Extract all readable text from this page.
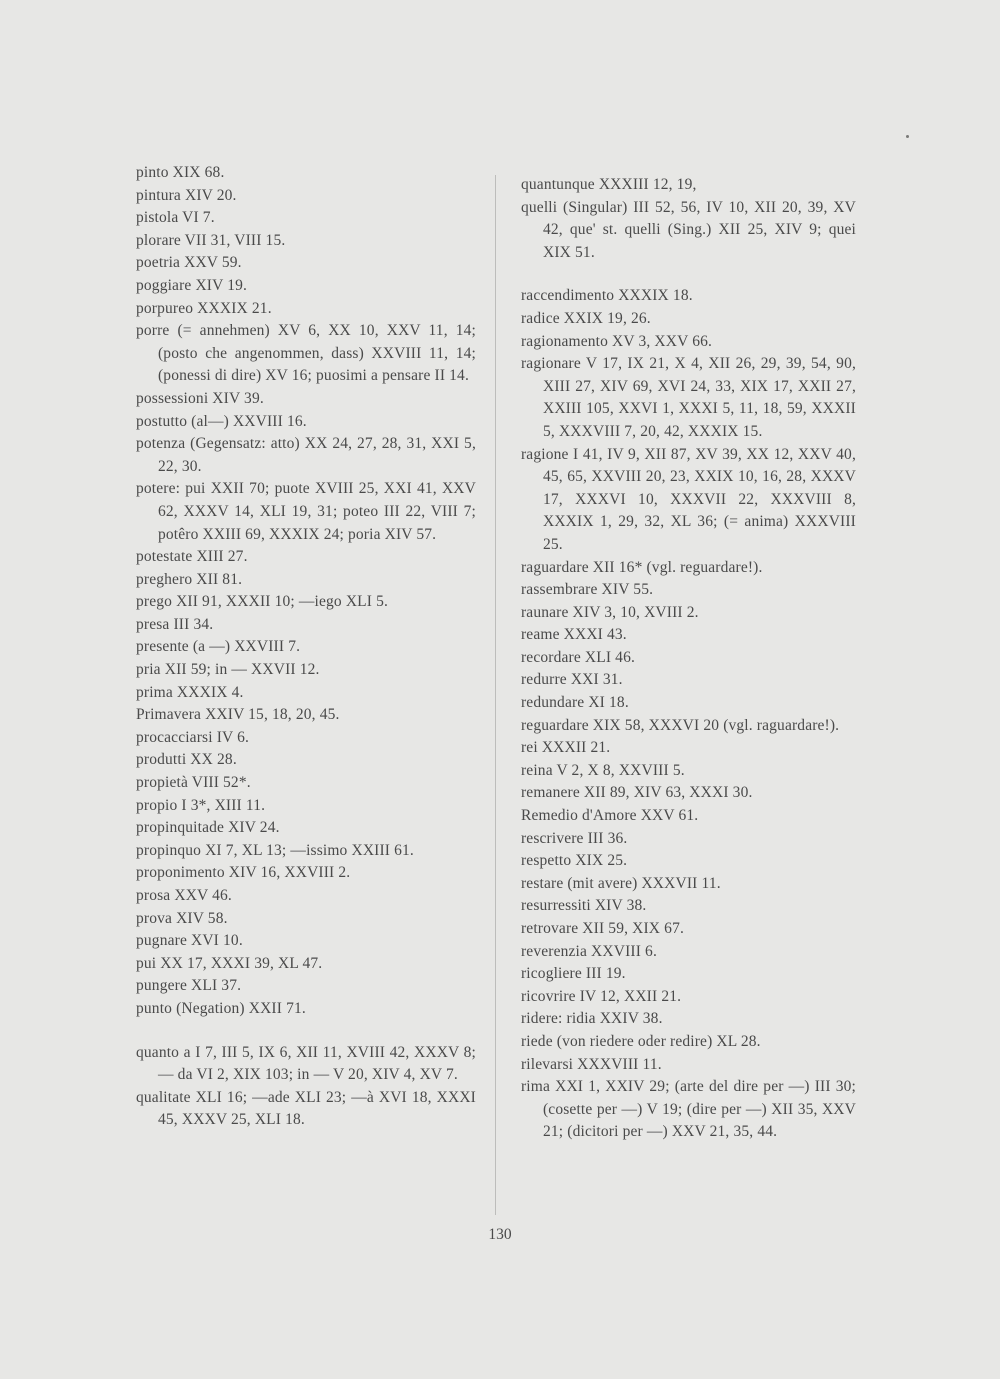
pinto XIX 68.
pintura XIV 20.
pistola VI 7.
plorare VII 31, VIII 15.
poetria XXV 59.
poggiare XIV 19.
porpureo XXXIX 21.
porre (= annehmen) XV 6, XX 10, XXV 11, 14; (posto che angenommen, dass) XXVIII 11, 14; (ponessi di dire) XV 16; puosimi a pensare II 14.
possessioni XIV 39.
postutto (al—) XXVIII 16.
potenza (Gegensatz: atto) XX 24, 27, 28, 31, XXI 5, 22, 30.
potere: pui XXII 70; puote XVIII 25, XXI 41, XXV 62, XXXV 14, XLI 19, 31; poteo III 22, VIII 7; potêro XXIII 69, XXXIX 24; poria XIV 57.
potestate XIII 27.
preghero XII 81.
prego XII 91, XXXII 10; —iego XLI 5.
presa III 34.
presente (a —) XXVIII 7.
pria XII 59; in — XXVII 12.
prima XXXIX 4.
Primavera XXIV 15, 18, 20, 45.
procacciarsi IV 6.
produtti XX 28.
propietà VIII 52*.
propio I 3*, XIII 11.
propinquitade XIV 24.
propinquo XI 7, XL 13; —issimo XXIII 61.
proponimento XIV 16, XXVIII 2.
prosa XXV 46.
prova XIV 58.
pugnare XVI 10.
pui XX 17, XXXI 39, XL 47.
pungere XLI 37.
punto (Negation) XXII 71.
quanto a I 7, III 5, IX 6, XII 11, XVIII 42, XXXV 8; — da VI 2, XIX 103; in — V 20, XIV 4, XV 7.
qualitate XLI 16; —ade XLI 23; —à XVI 18, XXXI 45, XXXV 25, XLI 18.
quantunque XXXIII 12, 19,
quelli (Singular) III 52, 56, IV 10, XII 20, 39, XV 42, que' st. quelli (Sing.) XII 25, XIV 9; quei XIX 51.
raccendimento XXXIX 18.
radice XXIX 19, 26.
ragionamento XV 3, XXV 66.
ragionare V 17, IX 21, X 4, XII 26, 29, 39, 54, 90, XIII 27, XIV 69, XVI 24, 33, XIX 17, XXII 27, XXIII 105, XXVI 1, XXXI 5, 11, 18, 59, XXXII 5, XXXVIII 7, 20, 42, XXXIX 15.
ragione I 41, IV 9, XII 87, XV 39, XX 12, XXV 40, 45, 65, XXVIII 20, 23, XXIX 10, 16, 28, XXXV 17, XXXVI 10, XXXVII 22, XXXVIII 8, XXXIX 1, 29, 32, XL 36; (= anima) XXXVIII 25.
raguardare XII 16* (vgl. reguardare!).
rassembrare XIV 55.
raunare XIV 3, 10, XVIII 2.
reame XXXI 43.
recordare XLI 46.
redurre XXI 31.
redundare XI 18.
reguardare XIX 58, XXXVI 20 (vgl. raguardare!).
rei XXXII 21.
reina V 2, X 8, XXVIII 5.
remanere XII 89, XIV 63, XXXI 30.
Remedio d'Amore XXV 61.
rescrivere III 36.
respetto XIX 25.
restare (mit avere) XXXVII 11.
resurressiti XIV 38.
retrovare XII 59, XIX 67.
reverenzia XXVIII 6.
ricogliere III 19.
ricovrire IV 12, XXII 21.
ridere: ridia XXIV 38.
riede (von riedere oder redire) XL 28.
rilevarsi XXXVIII 11.
rima XXI 1, XXIV 29; (arte del dire per —) III 30; (cosette per —) V 19; (dire per —) XII 35, XXV 21; (dicitori per —) XXV 21, 35, 44.
130
